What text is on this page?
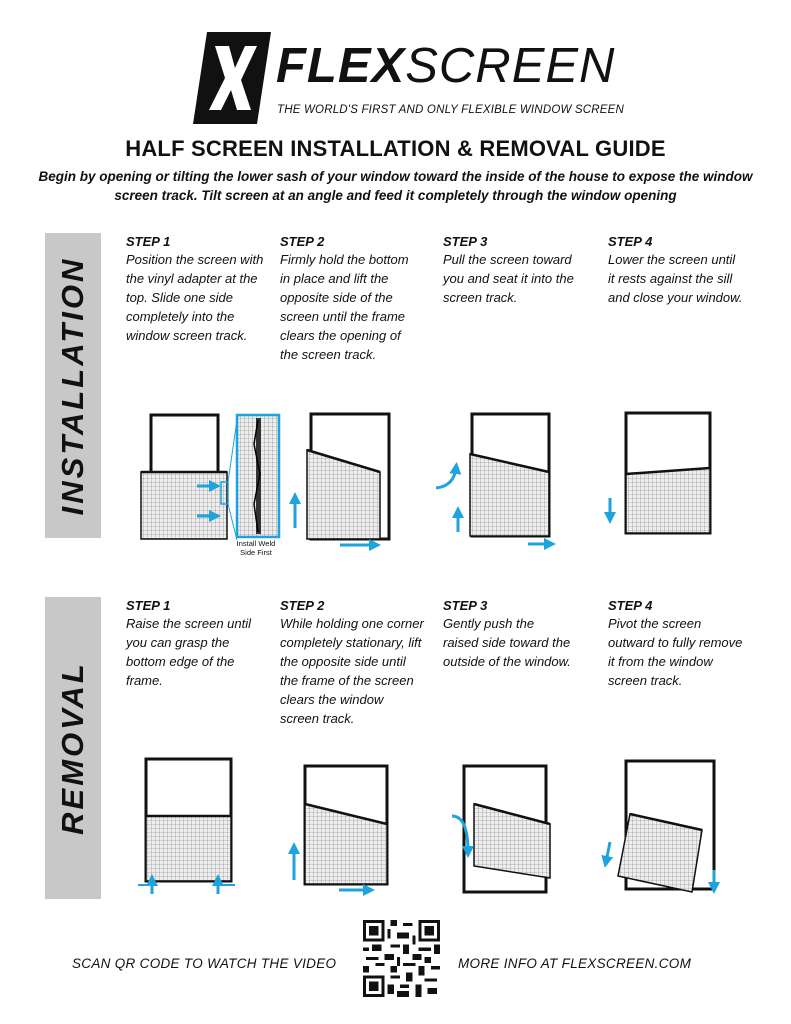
FLEXSCREEN
THE WORLD'S FIRST AND ONLY FLEXIBLE WINDOW SCREEN
HALF SCREEN INSTALLATION & REMOVAL GUIDE
Begin by opening or tilting the lower sash of your window toward the inside of the house to expose the window screen track. Tilt screen at an angle and feed it completely through the window opening
INSTALLATION
STEP 1
Position the screen with the vinyl adapter at the top. Slide one side completely into the window screen track.
STEP 2
Firmly hold the bottom in place and lift the opposite side of the screen until the frame clears the opening of the screen track.
STEP 3
Pull the screen toward you and seat it into the screen track.
STEP 4
Lower the screen until it rests against the sill and close your window.
Install Weld Side First
REMOVAL
STEP 1
Raise the screen until you can grasp the bottom edge of the frame.
STEP 2
While holding one corner completely stationary, lift the opposite side until the frame of the screen clears the window screen track.
STEP 3
Gently push the raised side toward the outside of the window.
STEP 4
Pivot the screen outward to fully remove it from the window screen track.
SCAN QR CODE TO WATCH THE VIDEO	MORE INFO AT FLEXSCREEN.COM
